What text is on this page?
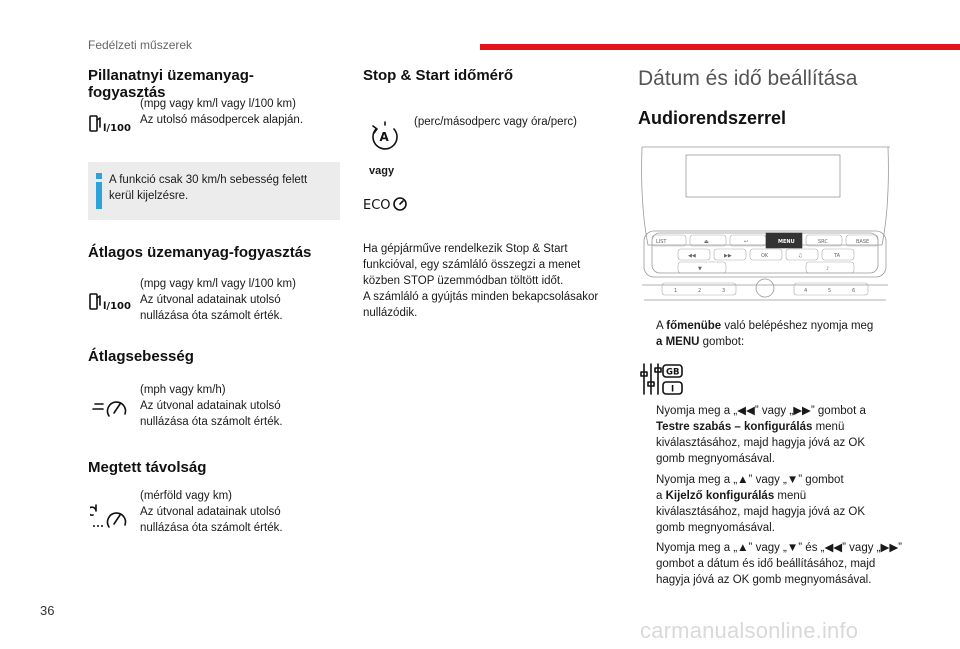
Fedélzeti műszerek
Pillanatnyi üzemanyag-
fogyasztás
l/100
(mpg vagy km/l vagy l/100 km)
Az utolsó másodpercek alapján.
A funkció csak 30 km/h sebesség felett
kerül kijelzésre.
Átlagos üzemanyag-fogyasztás
l/100
(mpg vagy km/l vagy l/100 km)
Az útvonal adatainak utolsó
nullázása óta számolt érték.
Átlagsebesség
(mph vagy km/h)
Az útvonal adatainak utolsó
nullázása óta számolt érték.
Megtett távolság
(mérföld vagy km)
Az útvonal adatainak utolsó
nullázása óta számolt érték.
Stop & Start időmérő
A
(perc/másodperc vagy óra/perc)
vagy
ECO
Ha gépjárműve rendelkezik Stop & Start
funkcióval, egy számláló összegzi a menet
közben STOP üzemmódban töltött időt.
A számláló a gyújtás minden bekapcsolásakor
nullázódik.
Dátum és idő beállítása
Audiorendszerrel
LIST	⏏	↩	MENU	SRC	BASE
◀◀	▶▶	OK	♫	TA
▼	♪
1	2	3	4	5	6
A főmenübe való belépéshez nyomja meg
a MENU gombot:
GB
I
Nyomja meg a „◀◀” vagy „▶▶” gombot a
Testre szabás – konfigurálás menü
kiválasztásához, majd hagyja jóvá az OK
gomb megnyomásával.
Nyomja meg a „▲” vagy „▼” gombot
a Kijelző konfigurálás menü
kiválasztásához, majd hagyja jóvá az OK
gomb megnyomásával.
Nyomja meg a „▲” vagy „▼” és „◀◀” vagy „▶▶”
gombot a dátum és idő beállításához, majd
hagyja jóvá az OK gomb megnyomásával.
36
carmanualsonline.info
